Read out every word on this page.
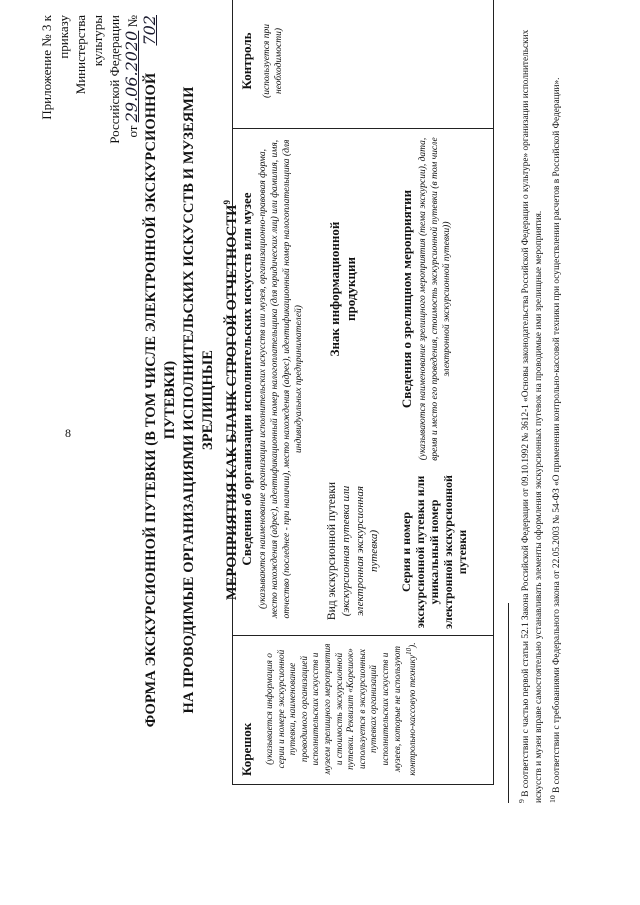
8
Приложение № 3 к приказу Министерства культуры Российской Федерации от 29.06.2020 № 702
ФОРМА ЭКСКУРСИОННОЙ ПУТЕВКИ (В ТОМ ЧИСЛЕ ЭЛЕКТРОННОЙ ЭКСКУРСИОННОЙ ПУТЕВКИ) НА ПРОВОДИМЫЕ ОРГАНИЗАЦИЯМИ ИСПОЛНИТЕЛЬСКИХ ИСКУССТВ И МУЗЕЯМИ ЗРЕЛИЩНЫЕ МЕРОПРИЯТИЯ КАК БЛАНК СТРОГОЙ ОТЧЕТНОСТИ$^9$
Корешок (указывается информация о серии и номере экскурсионной путевки, наименование проводимого организацией исполнительских искусств и музеем зрелищного мероприятия и стоимость экскурсионной путевки. Реквизит «Корешок» используется в экскурсионных путевках организаций исполнительских искусств и музеев, которые не используют контрольно-кассовую технику$^{10}$).
Сведения об организации исполнительских искусств или музее (указываются наименование организации исполнительских искусств или музея, организационно-правовая форма, место нахождения (адрес), идентификационный номер налогоплательщика (для юридических лиц) или фамилия, имя, отчество (последнее - при наличии), место нахождения (адрес), идентификационный номер налогоплательщика (для индивидуальных предпринимателей)
Вид экскурсионной путевки (экскурсионная путевка или электронная экскурсионная путевка)
Знак информационной продукции
Серия и номер экскурсионной путевки или уникальный номер электронной экскурсионной путевки
Сведения о зрелищном мероприятии (указываются наименование зрелищного мероприятия (тема экскурсии), дата, время и место его проведения, стоимость экскурсионной путевки (в том числе электронной экскурсионной путевки))
Контроль (используется при необходимости)

$^9$ В соответствии с частью первой статьи 52.1 Закона Российской Федерации от 09.10.1992 № 3612-1 «Основы законодательства Российской Федерации о культуре» организации исполнительских искусств и музеи вправе самостоятельно устанавливать элементы оформления экскурсионных путевок на проводимые ими зрелищные мероприятия. $^{10}$ В соответствии с требованиями Федерального закона от 22.05.2003 № 54-ФЗ «О применении контрольно-кассовой техники при осуществлении расчетов в Российской Федерации».
